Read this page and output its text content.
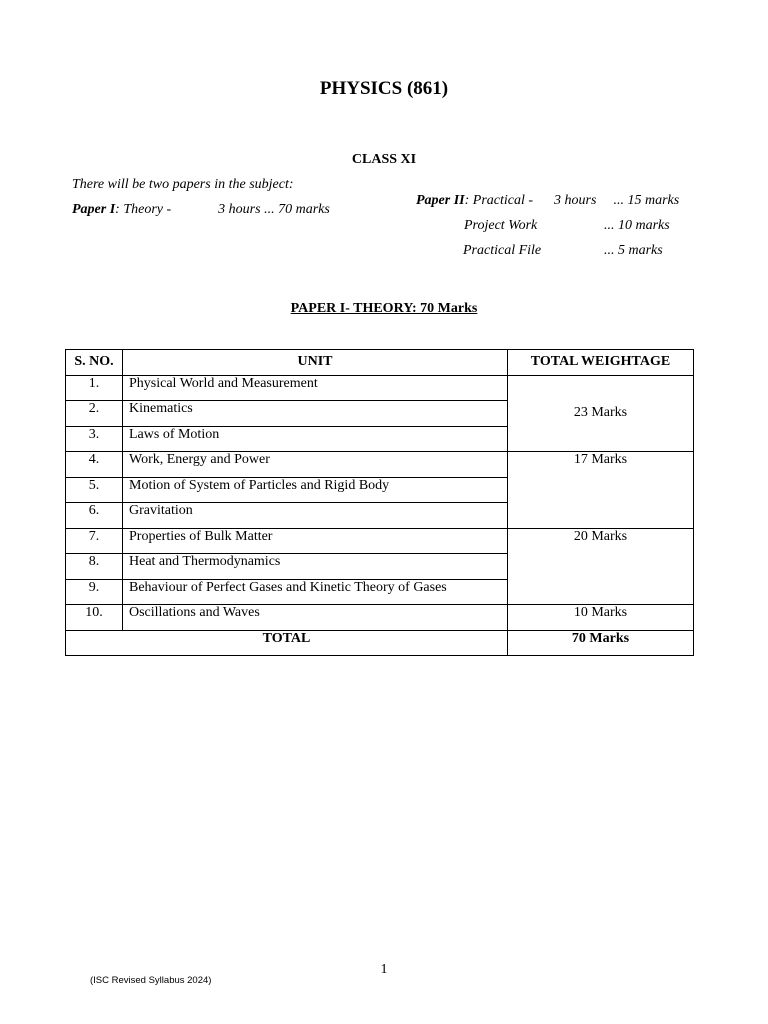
PHYSICS (861)
CLASS XI
There will be two papers in the subject:
Paper I: Theory -	3 hours ... 70 marks
Paper II: Practical - 3 hours ... 15 marks
Project Work	... 10 marks
Practical File	... 5 marks
PAPER I- THEORY: 70 Marks
S. NO.	UNIT	TOTAL WEIGHTAGE
1.	Physical World and Measurement	23 Marks
2.	Kinematics	
3.	Laws of Motion	
4.	Work, Energy and Power	17 Marks
5.	Motion of System of Particles and Rigid Body	
6.	Gravitation	
7.	Properties of Bulk Matter	20 Marks
8.	Heat and Thermodynamics	
9.	Behaviour of Perfect Gases and Kinetic Theory of Gases	
10.	Oscillations and Waves	10 Marks
TOTAL		70 Marks
1
(ISC Revised Syllabus 2024)
